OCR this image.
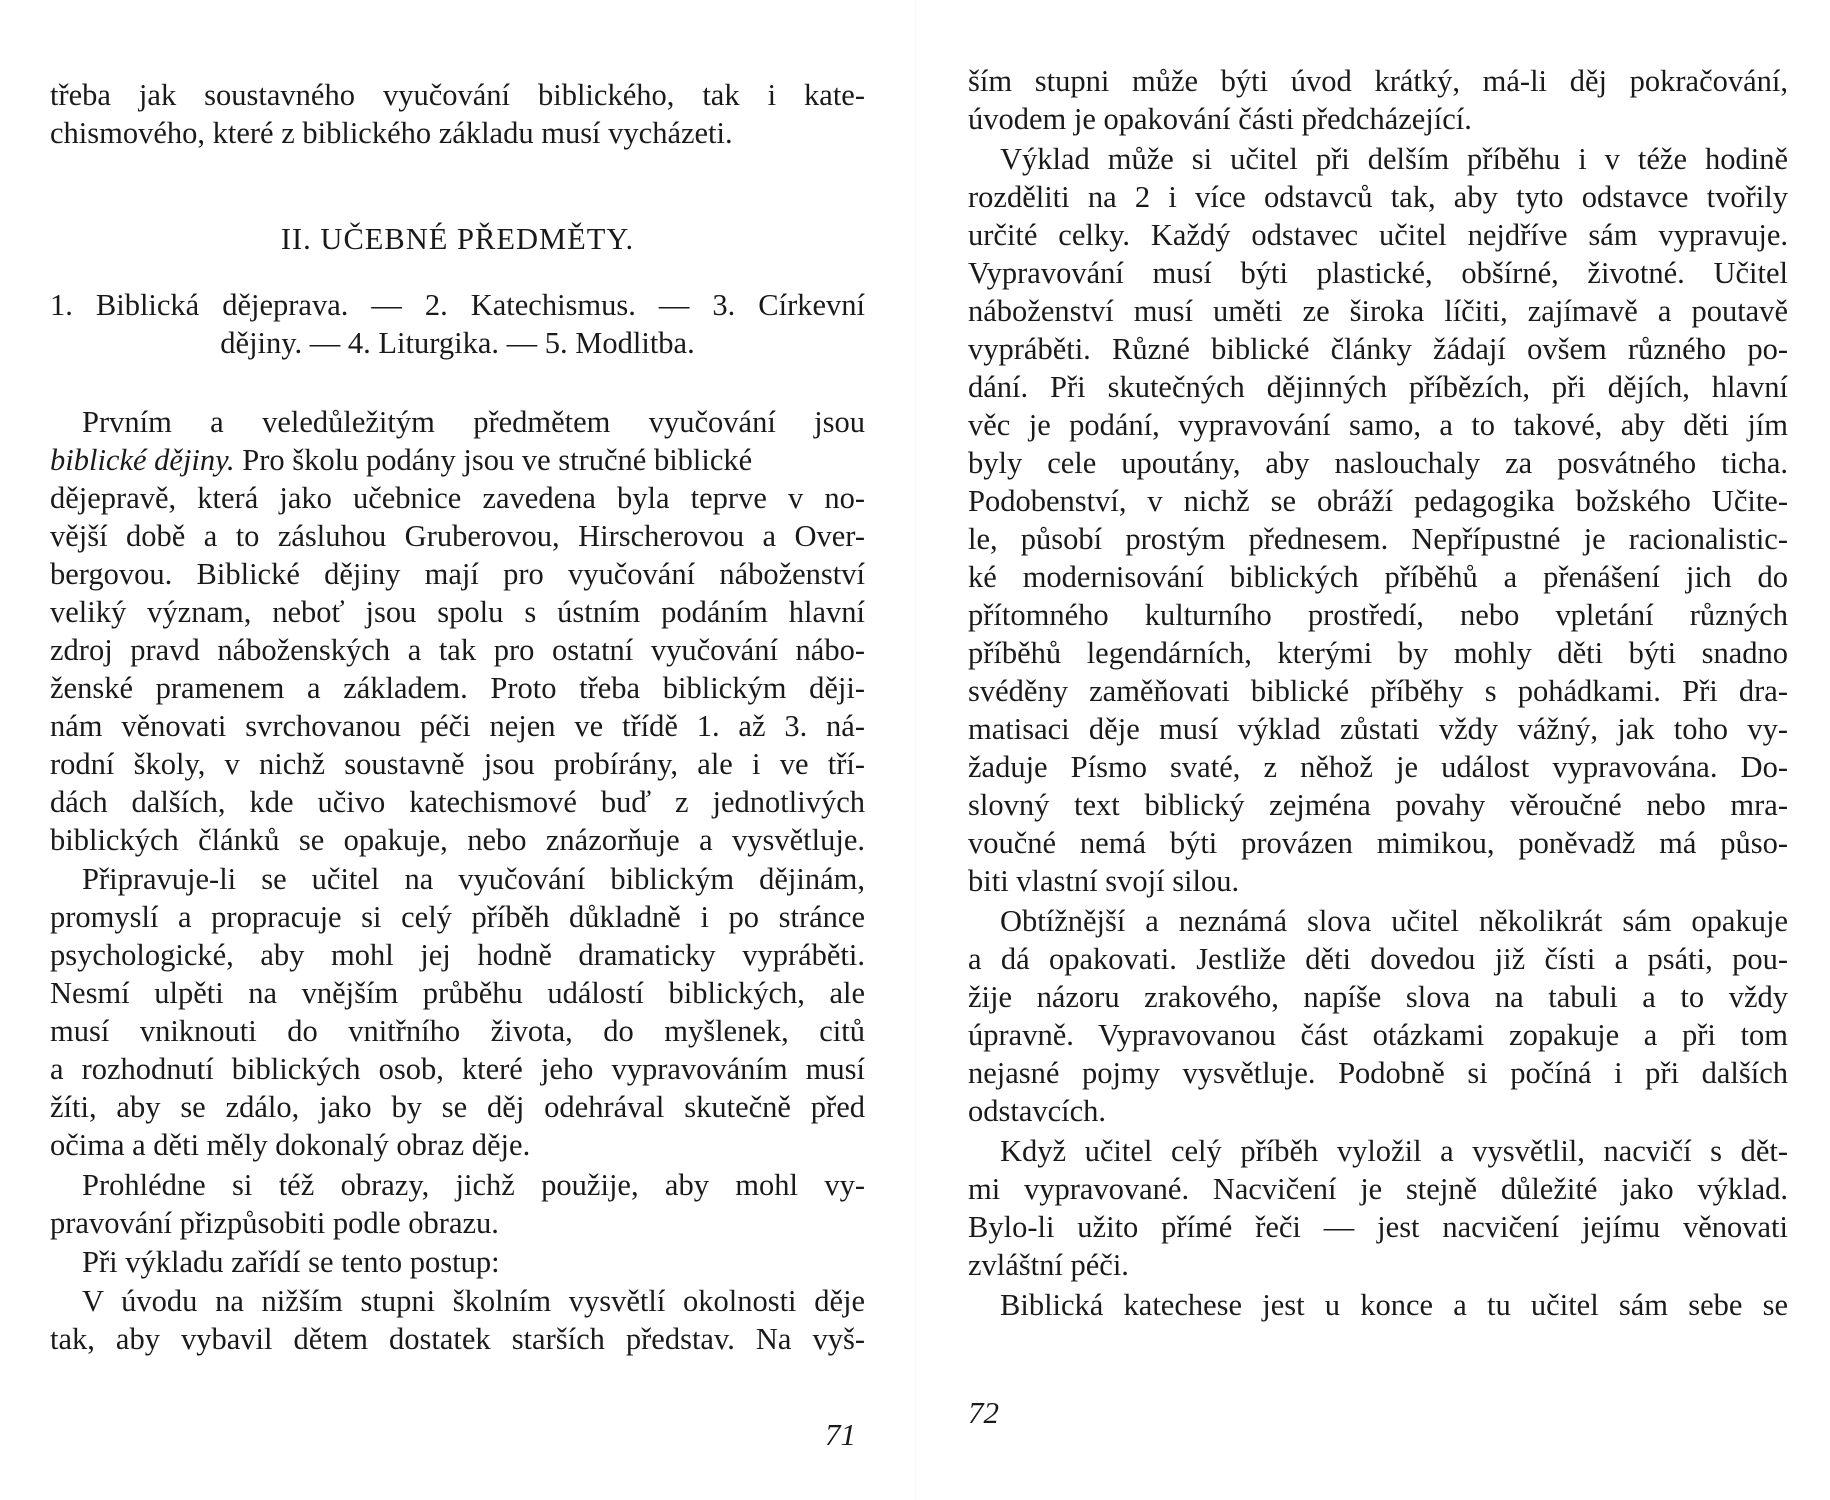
třeba jak soustavného vyučování biblického, tak i kate-
chismového, které z biblického základu musí vycházeti.
II. UČEBNÉ PŘEDMĚTY.
1. Biblická dějeprava. — 2. Katechismus. — 3. Církevní
dějiny. — 4. Liturgika. — 5. Modlitba.
Prvním a veledůležitým předmětem vyučování jsou
biblické dějiny. Pro školu podány jsou ve stručné biblické
dějepravě, která jako učebnice zavedena byla teprve v no-
vější době a to zásluhou Gruberovou, Hirscherovou a Over-
bergovou. Biblické dějiny mají pro vyučování náboženství
veliký význam, neboť jsou spolu s ústním podáním hlavní
zdroj pravd náboženských a tak pro ostatní vyučování nábo-
ženské pramenem a základem. Proto třeba biblickým ději-
nám věnovati svrchovanou péči nejen ve třídě 1. až 3. ná-
rodní školy, v nichž soustavně jsou probírány, ale i ve tří-
dách dalších, kde učivo katechismové buď z jednotlivých
biblických článků se opakuje, nebo znázorňuje a vysvětluje.
Připravuje-li se učitel na vyučování biblickým dějinám,
promyslí a propracuje si celý příběh důkladně i po stránce
psychologické, aby mohl jej hodně dramaticky vypráběti.
Nesmí ulpěti na vnějším průběhu událostí biblických, ale
musí vniknouti do vnitřního života, do myšlenek, citů
a rozhodnutí biblických osob, které jeho vypravováním musí
žíti, aby se zdálo, jako by se děj odehrával skutečně před
očima a děti měly dokonalý obraz děje.
Prohlédne si též obrazy, jichž použije, aby mohl vy-
pravování přizpůsobiti podle obrazu.
Při výkladu zařídí se tento postup:
V úvodu na nižším stupni školním vysvětlí okolnosti děje
tak, aby vybavil dětem dostatek starších představ. Na vyš-
71
ším stupni může býti úvod krátký, má-li děj pokračování,
úvodem je opakování části předcházející.
Výklad může si učitel při delším příběhu i v téže hodině
rozděliti na 2 i více odstavců tak, aby tyto odstavce tvořily
určité celky. Každý odstavec učitel nejdříve sám vypravuje.
Vypravování musí býti plastické, obšírné, životné. Učitel
náboženství musí uměti ze široka líčiti, zajímavě a poutavě
vypráběti. Různé biblické články žádají ovšem různého po-
dání. Při skutečných dějinných příbězích, při dějích, hlavní
věc je podání, vypravování samo, a to takové, aby děti jím
byly cele upoutány, aby naslouchaly za posvátného ticha.
Podobenství, v nichž se obráží pedagogika božského Učite-
le, působí prostým přednesem. Nepřípustné je racionalistic-
ké modernisování biblických příběhů a přenášení jich do
přítomného kulturního prostředí, nebo vpletání různých
příběhů legendárních, kterými by mohly děti býti snadno
svéděny zaměňovati biblické příběhy s pohádkami. Při dra-
matisaci děje musí výklad zůstati vždy vážný, jak toho vy-
žaduje Písmo svaté, z něhož je událost vypravována. Do-
slovný text biblický zejména povahy věroučné nebo mra-
voučné nemá býti provázen mimikou, poněvadž má půso-
biti vlastní svojí silou.
Obtížnější a neznámá slova učitel několikrát sám opakuje
a dá opakovati. Jestliže děti dovedou již čísti a psáti, pou-
žije názoru zrakového, napíše slova na tabuli a to vždy
úpravně. Vypravovanou část otázkami zopakuje a při tom
nejasné pojmy vysvětluje. Podobně si počíná i při dalších
odstavcích.
Když učitel celý příběh vyložil a vysvětlil, nacvičí s dět-
mi vypravované. Nacvičení je stejně důležité jako výklad.
Bylo-li užito přímé řeči — jest nacvičení jejímu věnovati
zvláštní péči.
Biblická katechese jest u konce a tu učitel sám sebe se
72
